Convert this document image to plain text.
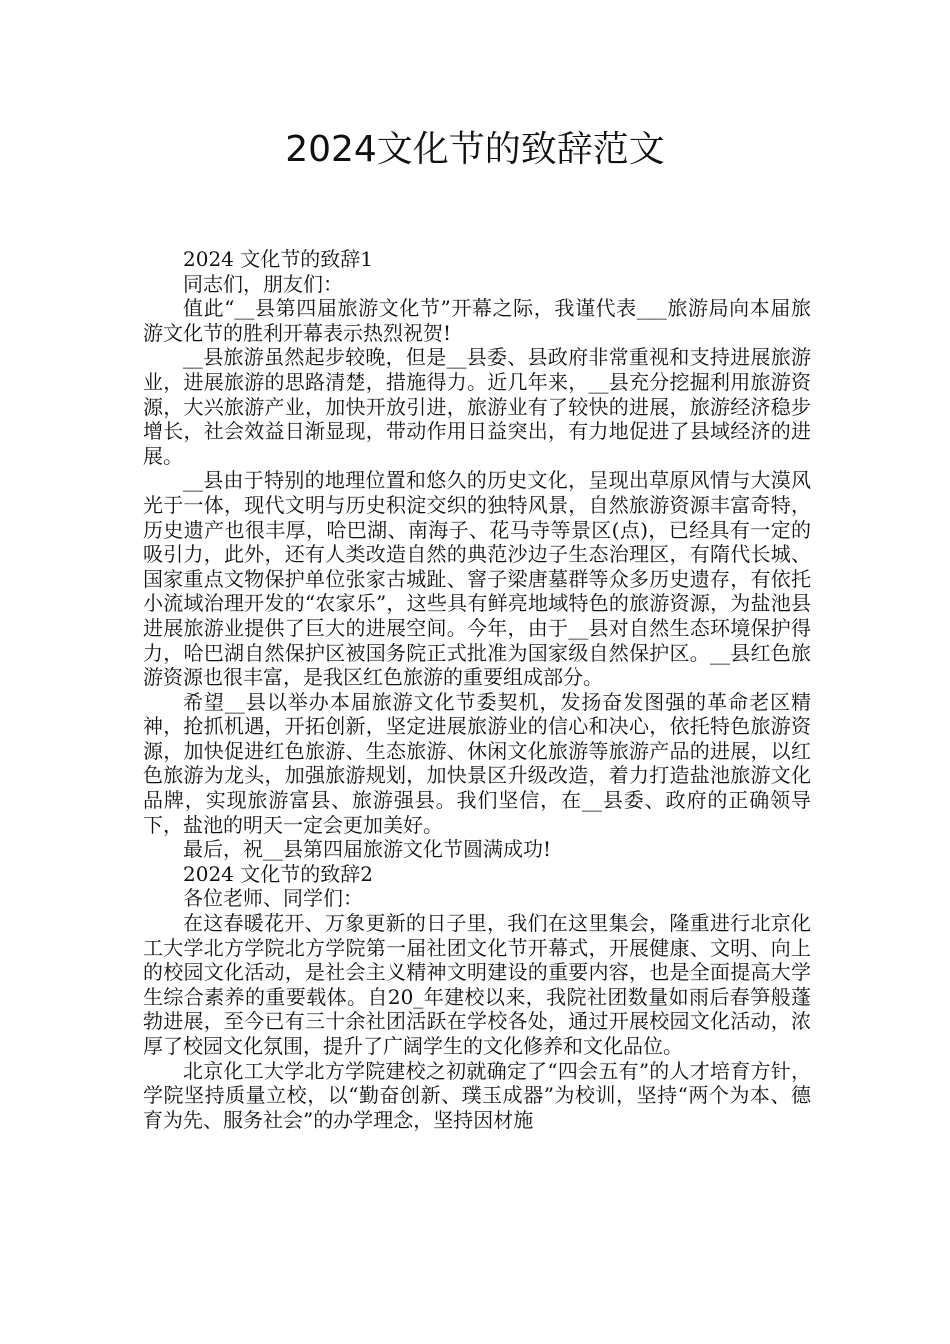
2024文化节的致辞范文

2024 文化节的致辞1

同志们，朋友们：

值此“__县第四届旅游文化节”开幕之际，我谨代表___旅游局向本届旅游文化节的胜利开幕表示热烈祝贺!

__县旅游虽然起步较晚，但是__县委、县政府非常重视和支持进展旅游业，进展旅游的思路清楚，措施得力。近几年来，__县充分挖掘利用旅游资源，大兴旅游产业，加快开放引进，旅游业有了较快的进展，旅游经济稳步增长，社会效益日渐显现，带动作用日益突出，有力地促进了县域经济的进展。

__县由于特别的地理位置和悠久的历史文化，呈现出草原风情与大漠风光于一体，现代文明与历史积淀交织的独特风景，自然旅游资源丰富奇特，历史遗产也很丰厚，哈巴湖、南海子、花马寺等景区(点)，已经具有一定的吸引力，此外，还有人类改造自然的典范沙边子生态治理区，有隋代长城、国家重点文物保护单位张家古城趾、窨子梁唐墓群等众多历史遗存，有依托小流域治理开发的“农家乐”，这些具有鲜亮地域特色的旅游资源，为盐池县进展旅游业提供了巨大的进展空间。今年，由于__县对自然生态环境保护得力，哈巴湖自然保护区被国务院正式批准为国家级自然保护区。__县红色旅游资源也很丰富，是我区红色旅游的重要组成部分。

希望__县以举办本届旅游文化节委契机，发扬奋发图强的革命老区精神，抢抓机遇，开拓创新，坚定进展旅游业的信心和决心，依托特色旅游资源，加快促进红色旅游、生态旅游、休闲文化旅游等旅游产品的进展，以红色旅游为龙头，加强旅游规划，加快景区升级改造，着力打造盐池旅游文化品牌，实现旅游富县、旅游强县。我们坚信，在__县委、政府的正确领导下，盐池的明天一定会更加美好。

最后，祝__县第四届旅游文化节圆满成功!

2024 文化节的致辞2

各位老师、同学们：

在这春暖花开、万象更新的日子里，我们在这里集会，隆重进行北京化工大学北方学院北方学院第一届社团文化节开幕式，开展健康、文明、向上的校园文化活动，是社会主义精神文明建设的重要内容，也是全面提高大学生综合素养的重要载体。自20_年建校以来，我院社团数量如雨后春笋般蓬勃进展，至今已有三十余社团活跃在学校各处，通过开展校园文化活动，浓厚了校园文化氛围，提升了广阔学生的文化修养和文化品位。

北京化工大学北方学院建校之初就确定了“四会五有”的人才培育方针，学院坚持质量立校，以“勤奋创新、璞玉成器”为校训，坚持“两个为本、德育为先、服务社会”的办学理念，坚持因材施
